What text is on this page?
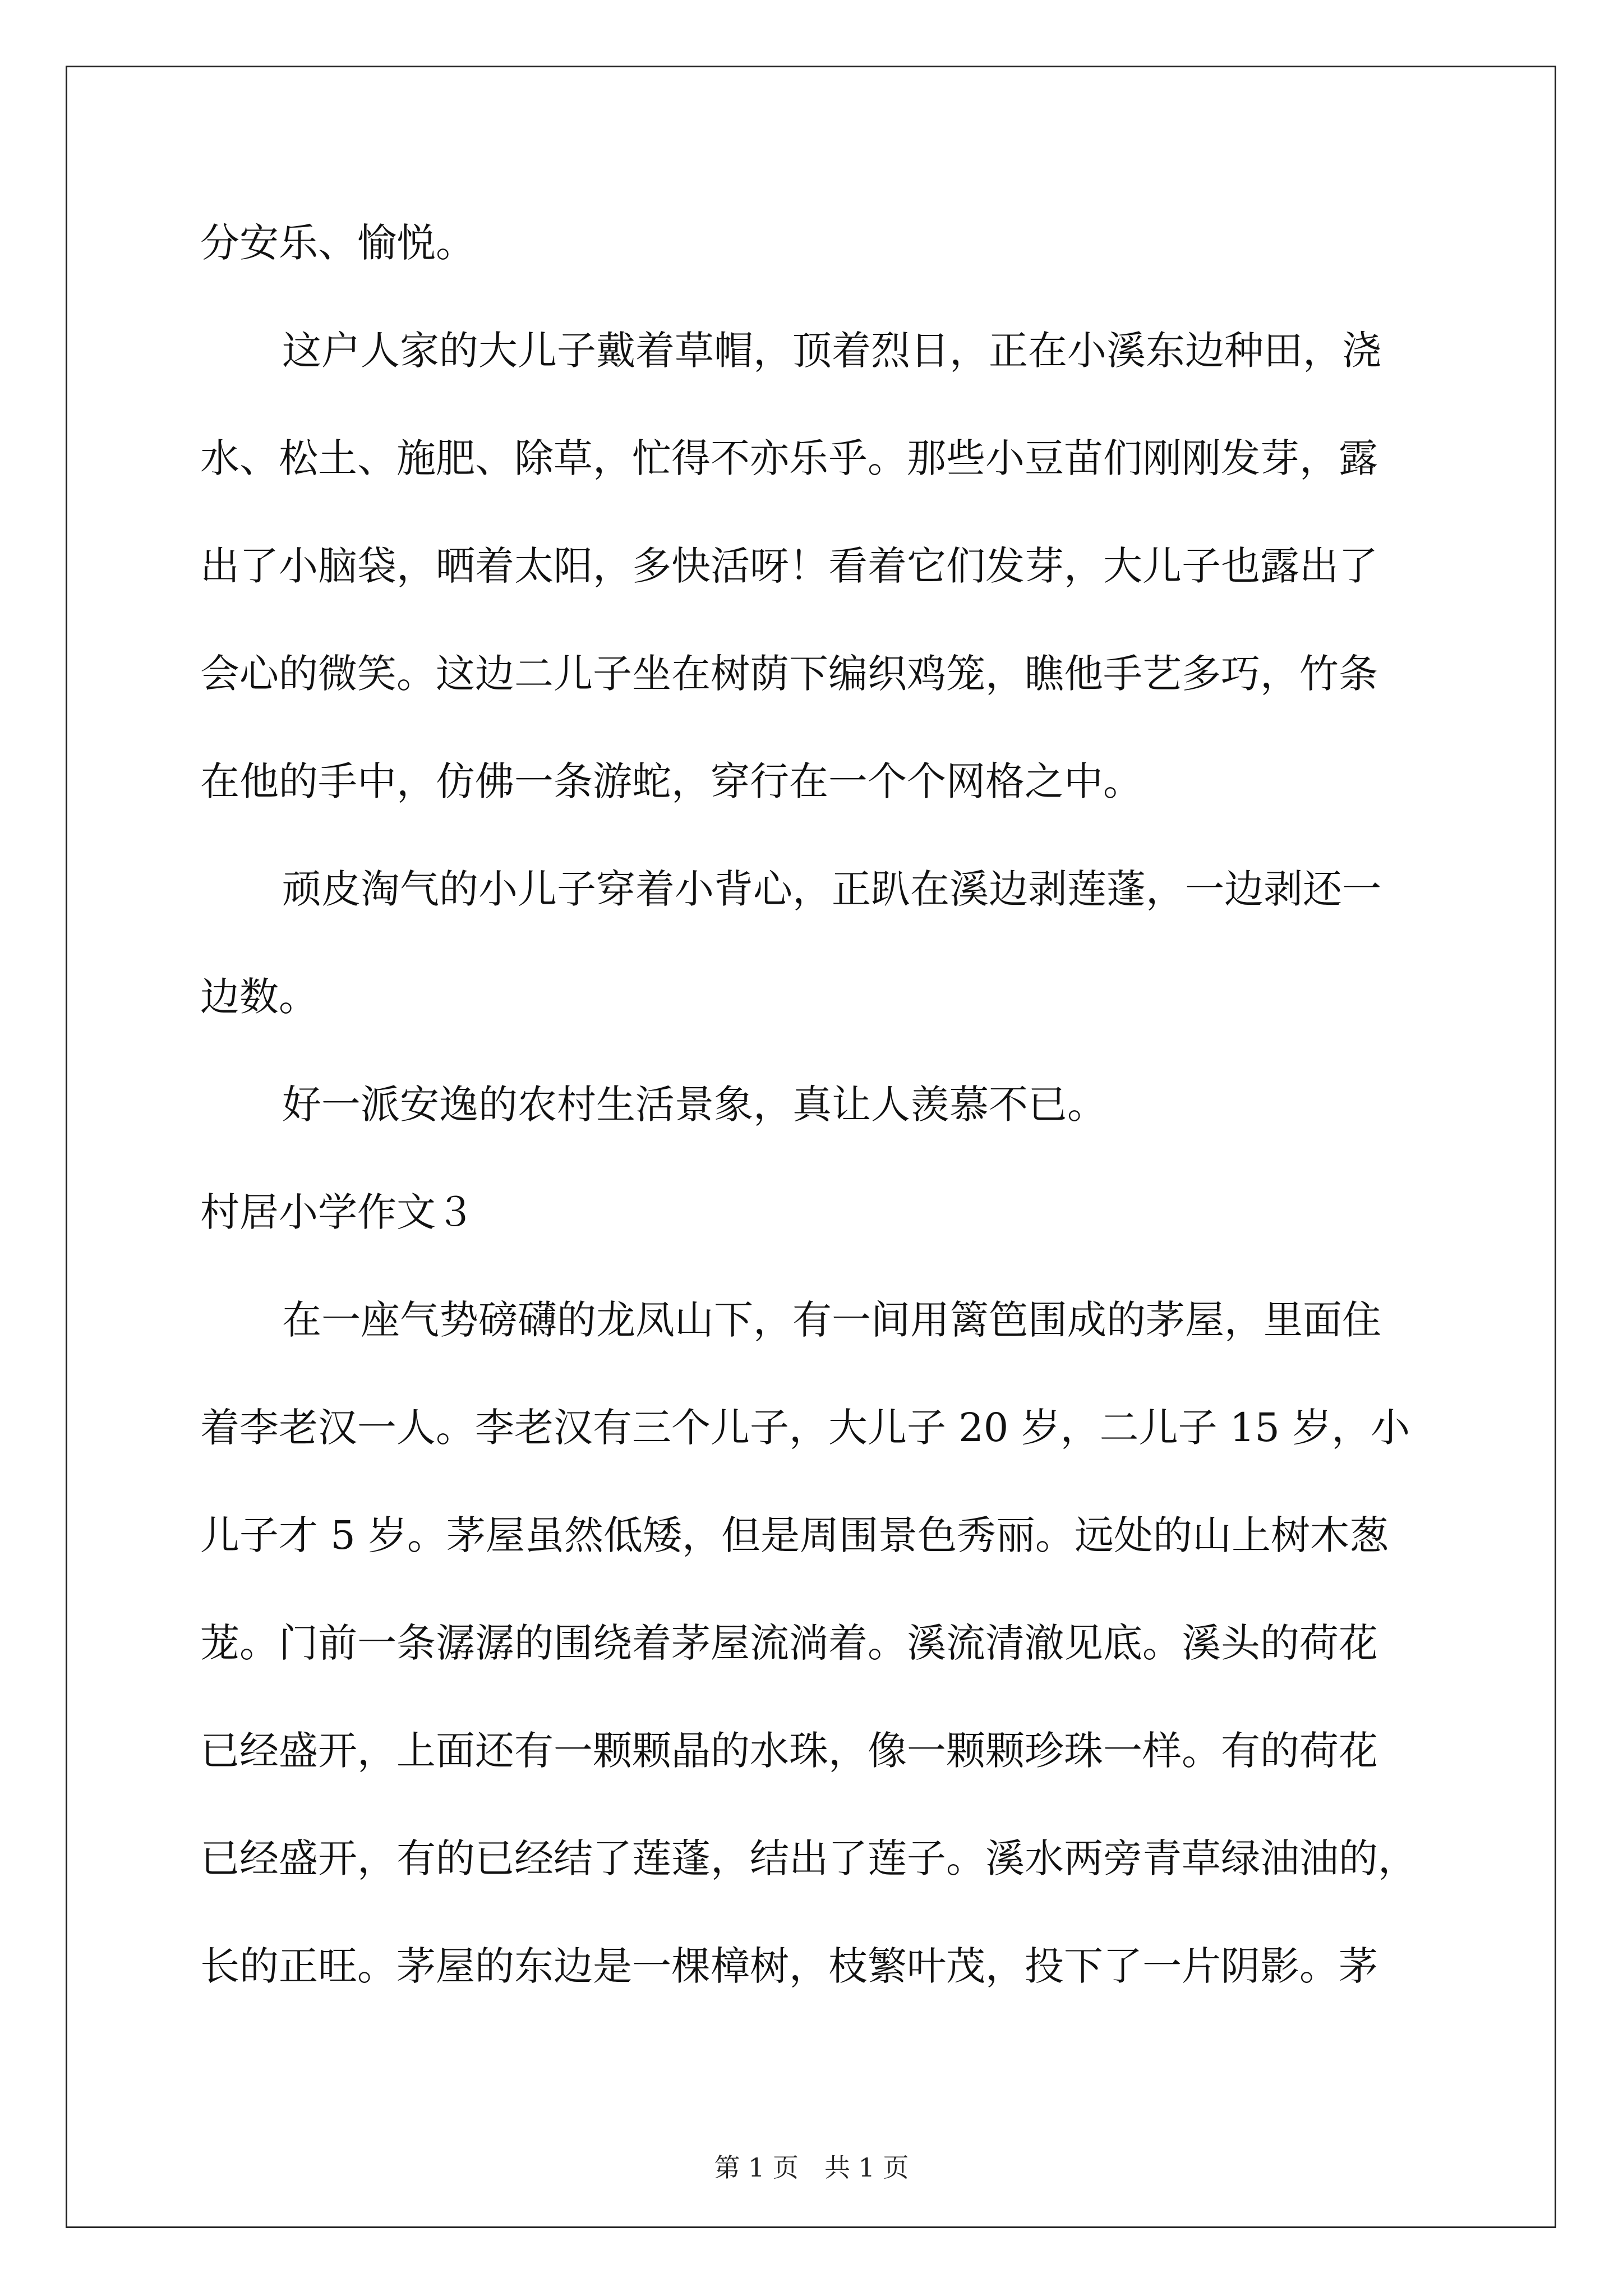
分安乐、愉悦。
这户人家的大儿子戴着草帽，顶着烈日，正在小溪东边种田，浇
水、松土、施肥、除草，忙得不亦乐乎。那些小豆苗们刚刚发芽，露
出了小脑袋，晒着太阳，多快活呀！看着它们发芽，大儿子也露出了
会心的微笑。这边二儿子坐在树荫下编织鸡笼，瞧他手艺多巧，竹条
在他的手中，仿佛一条游蛇，穿行在一个个网格之中。
顽皮淘气的小儿子穿着小背心，正趴在溪边剥莲蓬，一边剥还一
边数。
好一派安逸的农村生活景象，真让人羡慕不已。
村居小学作文３
在一座气势磅礴的龙凤山下，有一间用篱笆围成的茅屋，里面住
着李老汉一人。李老汉有三个儿子，大儿子 20 岁，二儿子 15 岁，小
儿子才 5 岁。茅屋虽然低矮，但是周围景色秀丽。远处的山上树木葱
茏。门前一条潺潺的围绕着茅屋流淌着。溪流清澈见底。溪头的荷花
已经盛开，上面还有一颗颗晶的水珠，像一颗颗珍珠一样。有的荷花
已经盛开，有的已经结了莲蓬，结出了莲子。溪水两旁青草绿油油的，
长的正旺。茅屋的东边是一棵樟树，枝繁叶茂，投下了一片阴影。茅
第 1 页　共 1 页
